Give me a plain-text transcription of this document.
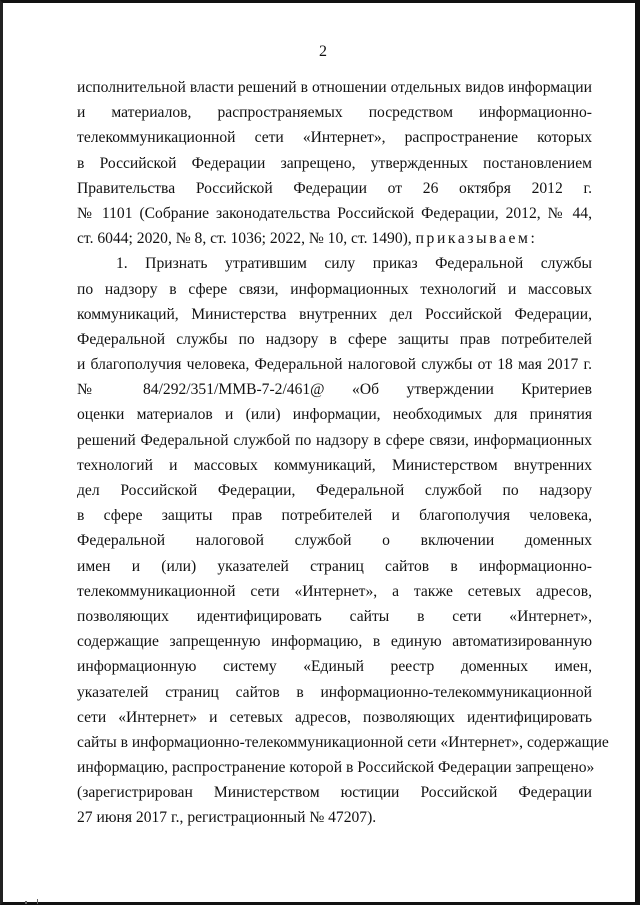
2
исполнительной власти решений в отношении отдельных видов информации
и материалов, распространяемых посредством информационно-
телекоммуникационной сети «Интернет», распространение которых
в Российской Федерации запрещено, утвержденных постановлением
Правительства Российской Федерации от 26 октября 2012 г.
№ 1101 (Собрание законодательства Российской Федерации, 2012, № 44,
ст. 6044; 2020, № 8, ст. 1036; 2022, № 10, ст. 1490), приказываем:
1. Признать утратившим силу приказ Федеральной службы
по надзору в сфере связи, информационных технологий и массовых
коммуникаций, Министерства внутренних дел Российской Федерации,
Федеральной службы по надзору в сфере защиты прав потребителей
и благополучия человека, Федеральной налоговой службы от 18 мая 2017 г.
№ 84/292/351/ММВ-7-2/461@ «Об утверждении Критериев
оценки материалов и (или) информации, необходимых для принятия
решений Федеральной службой по надзору в сфере связи, информационных
технологий и массовых коммуникаций, Министерством внутренних
дел Российской Федерации, Федеральной службой по надзору
в сфере защиты прав потребителей и благополучия человека,
Федеральной налоговой службой о включении доменных
имен и (или) указателей страниц сайтов в информационно-
телекоммуникационной сети «Интернет», а также сетевых адресов,
позволяющих идентифицировать сайты в сети «Интернет»,
содержащие запрещенную информацию, в единую автоматизированную
информационную систему «Единый реестр доменных имен,
указателей страниц сайтов в информационно-телекоммуникационной
сети «Интернет» и сетевых адресов, позволяющих идентифицировать
сайты в информационно-телекоммуникационной сети «Интернет», содержащие
информацию, распространение которой в Российской Федерации запрещено»
(зарегистрирован Министерством юстиции Российской Федерации
27 июня 2017 г., регистрационный № 47207).
